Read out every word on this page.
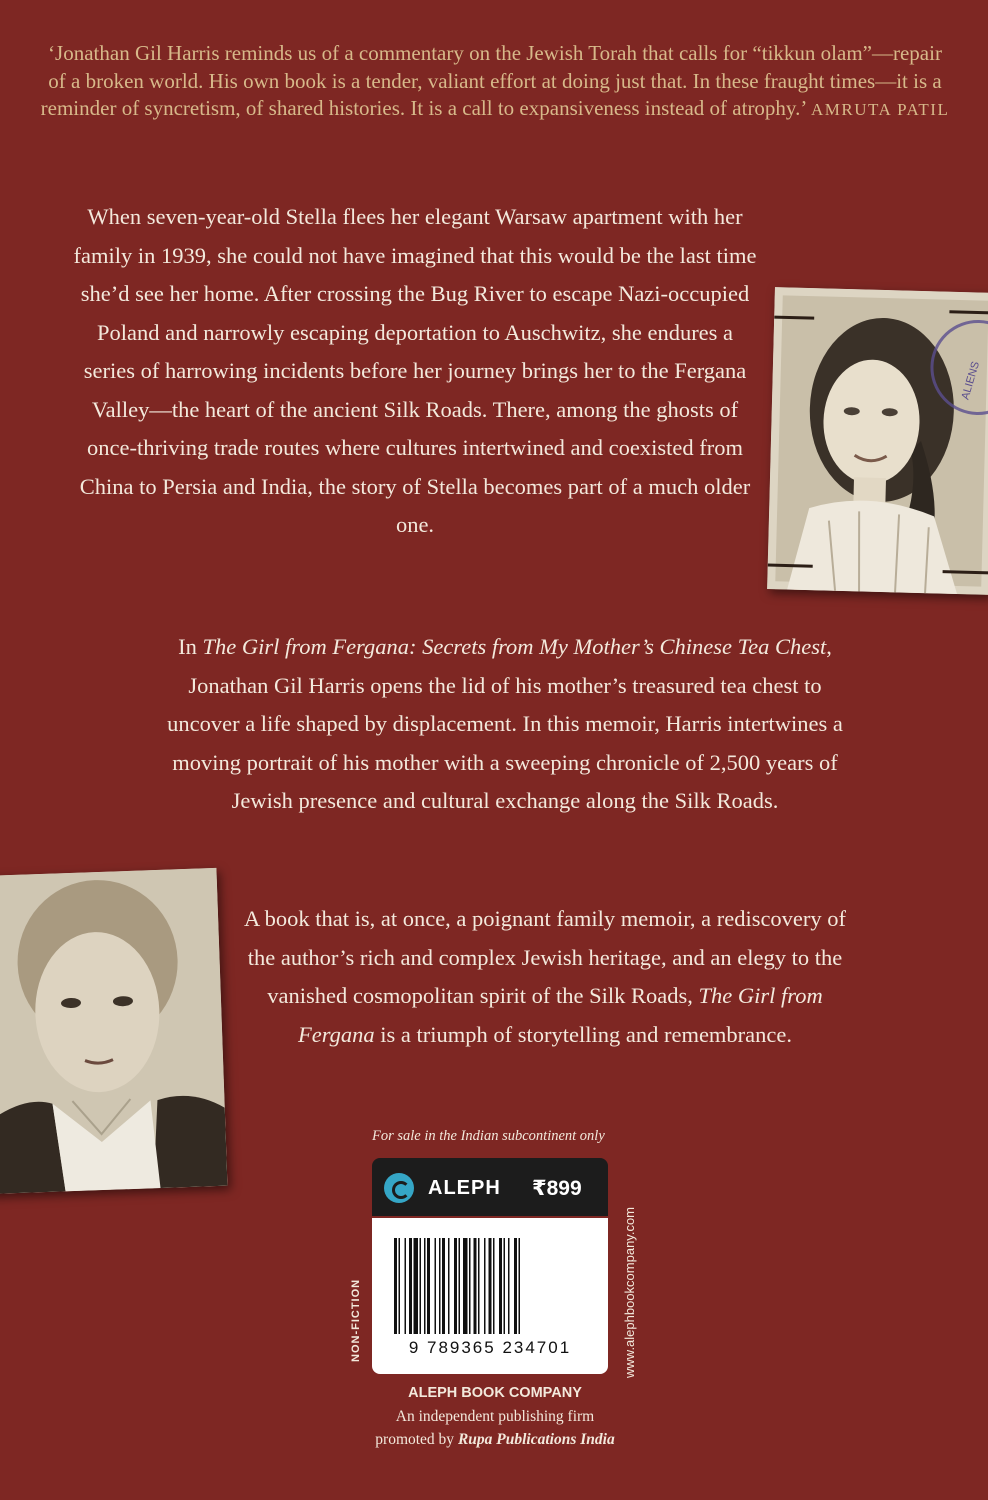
‘Jonathan Gil Harris reminds us of a commentary on the Jewish Torah that calls for “tikkun olam”—repair of a broken world. His own book is a tender, valiant effort at doing just that. In these fraught times—it is a reminder of syncretism, of shared histories. It is a call to expansiveness instead of atrophy.’ AMRUTA PATIL
When seven-year-old Stella flees her elegant Warsaw apartment with her family in 1939, she could not have imagined that this would be the last time she’d see her home. After crossing the Bug River to escape Nazi-occupied Poland and narrowly escaping deportation to Auschwitz, she endures a series of harrowing incidents before her journey brings her to the Fergana Valley—the heart of the ancient Silk Roads. There, among the ghosts of once-thriving trade routes where cultures intertwined and coexisted from China to Persia and India, the story of Stella becomes part of a much older one.
In The Girl from Fergana: Secrets from My Mother’s Chinese Tea Chest, Jonathan Gil Harris opens the lid of his mother’s treasured tea chest to uncover a life shaped by displacement. In this memoir, Harris intertwines a moving portrait of his mother with a sweeping chronicle of 2,500 years of Jewish presence and cultural exchange along the Silk Roads.
A book that is, at once, a poignant family memoir, a rediscovery of the author’s rich and complex Jewish heritage, and an elegy to the vanished cosmopolitan spirit of the Silk Roads, The Girl from Fergana is a triumph of storytelling and remembrance.
ALIENS
For sale in the Indian subcontinent only
ALEPH ₹899
9 789365 234701
NON-FICTION	www.alephbookcompany.com
ALEPH BOOK COMPANY
An independent publishing firm
promoted by Rupa Publications India
